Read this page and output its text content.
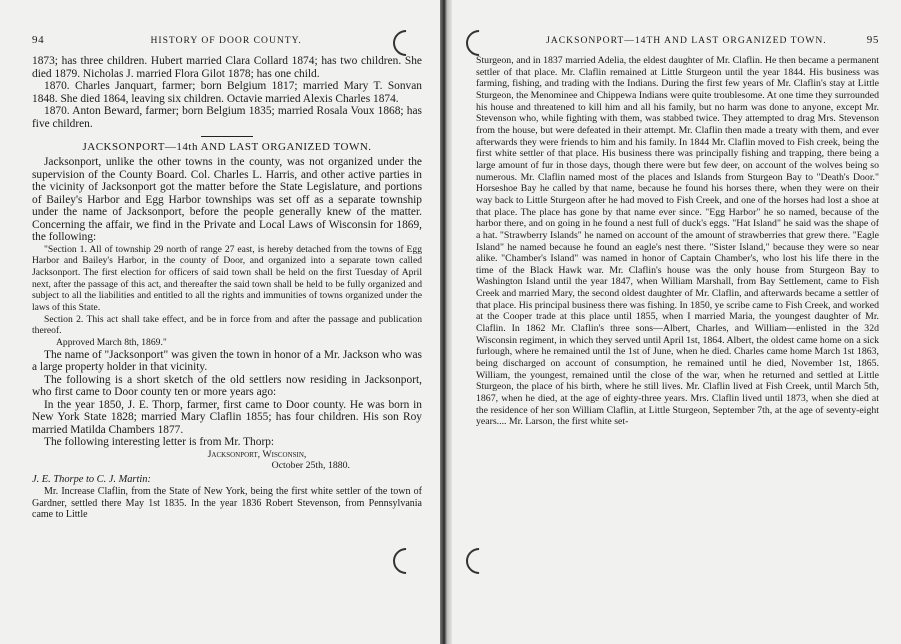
94	HISTORY OF DOOR COUNTY.

1873; has three children. Hubert married Clara Collard 1874; has two children. She died 1879. Nicholas J. married Flora Gilot 1878; has one child.

1870. Charles Janquart, farmer; born Belgium 1817; married Mary T. Sonvan 1848. She died 1864, leaving six children. Octavie married Alexis Charles 1874.

1870. Anton Beward, farmer; born Belgium 1835; married Rosala Voux 1868; has five children.

JACKSONPORT—14th AND LAST ORGANIZED TOWN.

Jacksonport, unlike the other towns in the county, was not organized under the supervision of the County Board. Col. Charles L. Harris, and other active parties in the vicinity of Jacksonport got the matter before the State Legislature, and portions of Bailey's Harbor and Egg Harbor townships was set off as a separate township under the name of Jacksonport, before the people generally knew of the matter. Concerning the affair, we find in the Private and Local Laws of Wisconsin for 1869, the following:

"Section 1. All of township 29 north of range 27 east, is hereby detached from the towns of Egg Harbor and Bailey's Harbor, in the county of Door, and organized into a separate town called Jacksonport. The first election for officers of said town shall be held on the first Tuesday of April next, after the passage of this act, and thereafter the said town shall be held to be fully organized and subject to all the liabilities and entitled to all the rights and immunities of towns organized under the laws of this State.

Section 2. This act shall take effect, and be in force from and after the passage and publication thereof.

Approved March 8th, 1869."

The name of "Jacksonport" was given the town in honor of a Mr. Jackson who was a large property holder in that vicinity.

The following is a short sketch of the old settlers now residing in Jacksonport, who first came to Door county ten or more years ago:

In the year 1850, J. E. Thorp, farmer, first came to Door county. He was born in New York State 1828; married Mary Claflin 1855; has four children. His son Roy married Matilda Chambers 1877.

The following interesting letter is from Mr. Thorp:

Jacksonport, Wisconsin,

October 25th, 1880.

J. E. Thorpe to C. J. Martin:

Mr. Increase Claflin, from the State of New York, being the first white settler of the town of Gardner, settled there May 1st 1835. In the year 1836 Robert Stevenson, from Pennsylvania came to Little

JACKSONPORT—14TH AND LAST ORGANIZED TOWN.	95

Sturgeon, and in 1837 married Adelia, the eldest daughter of Mr. Claflin. He then became a permanent settler of that place. Mr. Claflin remained at Little Sturgeon until the year 1844. His business was farming, fishing, and trading with the Indians. During the first few years of Mr. Claflin's stay at Little Sturgeon, the Menominee and Chippewa Indians were quite troublesome. At one time they surrounded his house and threatened to kill him and all his family, but no harm was done to anyone, except Mr. Stevenson who, while fighting with them, was stabbed twice. They attempted to drag Mrs. Stevenson from the house, but were defeated in their attempt. Mr. Claflin then made a treaty with them, and ever afterwards they were friends to him and his family. In 1844 Mr. Claflin moved to Fish creek, being the first white settler of that place. His business there was principally fishing and trapping, there being a large amount of fur in those days, though there were but few deer, on account of the wolves being so numerous. Mr. Claflin named most of the places and Islands from Sturgeon Bay to "Death's Door." Horseshoe Bay he called by that name, because he found his horses there, when they were on their way back to Little Sturgeon after he had moved to Fish Creek, and one of the horses had lost a shoe at that place. The place has gone by that name ever since. "Egg Harbor" he so named, because of the harbor there, and on going in he found a nest full of duck's eggs. "Hat Island" he said was the shape of a hat. "Strawberry Islands" he named on account of the amount of strawberries that grew there. "Eagle Island" he named because he found an eagle's nest there. "Sister Island," because they were so near alike. "Chamber's Island" was named in honor of Captain Chamber's, who lost his life there in the time of the Black Hawk war. Mr. Claflin's house was the only house from Sturgeon Bay to Washington Island until the year 1847, when William Marshall, from Bay Settlement, came to Fish Creek and married Mary, the second oldest daughter of Mr. Claflin, and afterwards became a settler of that place. His principal business there was fishing. In 1850, ye scribe came to Fish Creek, and worked at the Cooper trade at this place until 1855, when I married Maria, the youngest daughter of Mr. Claflin. In 1862 Mr. Claflin's three sons—Albert, Charles, and William—enlisted in the 32d Wisconsin regiment, in which they served until April 1st, 1864. Albert, the oldest came home on a sick furlough, where he remained until the 1st of June, when he died. Charles came home March 1st 1863, being discharged on account of consumption, he remained until he died, November 1st, 1865. William, the youngest, remained until the close of the war, when he returned and settled at Little Sturgeon, the place of his birth, where he still lives. Mr. Claflin lived at Fish Creek, until March 5th, 1867, when he died, at the age of eighty-three years. Mrs. Claflin lived until 1873, when she died at the residence of her son William Claflin, at Little Sturgeon, September 7th, at the age of seventy-eight years.... Mr. Larson, the first white set-
